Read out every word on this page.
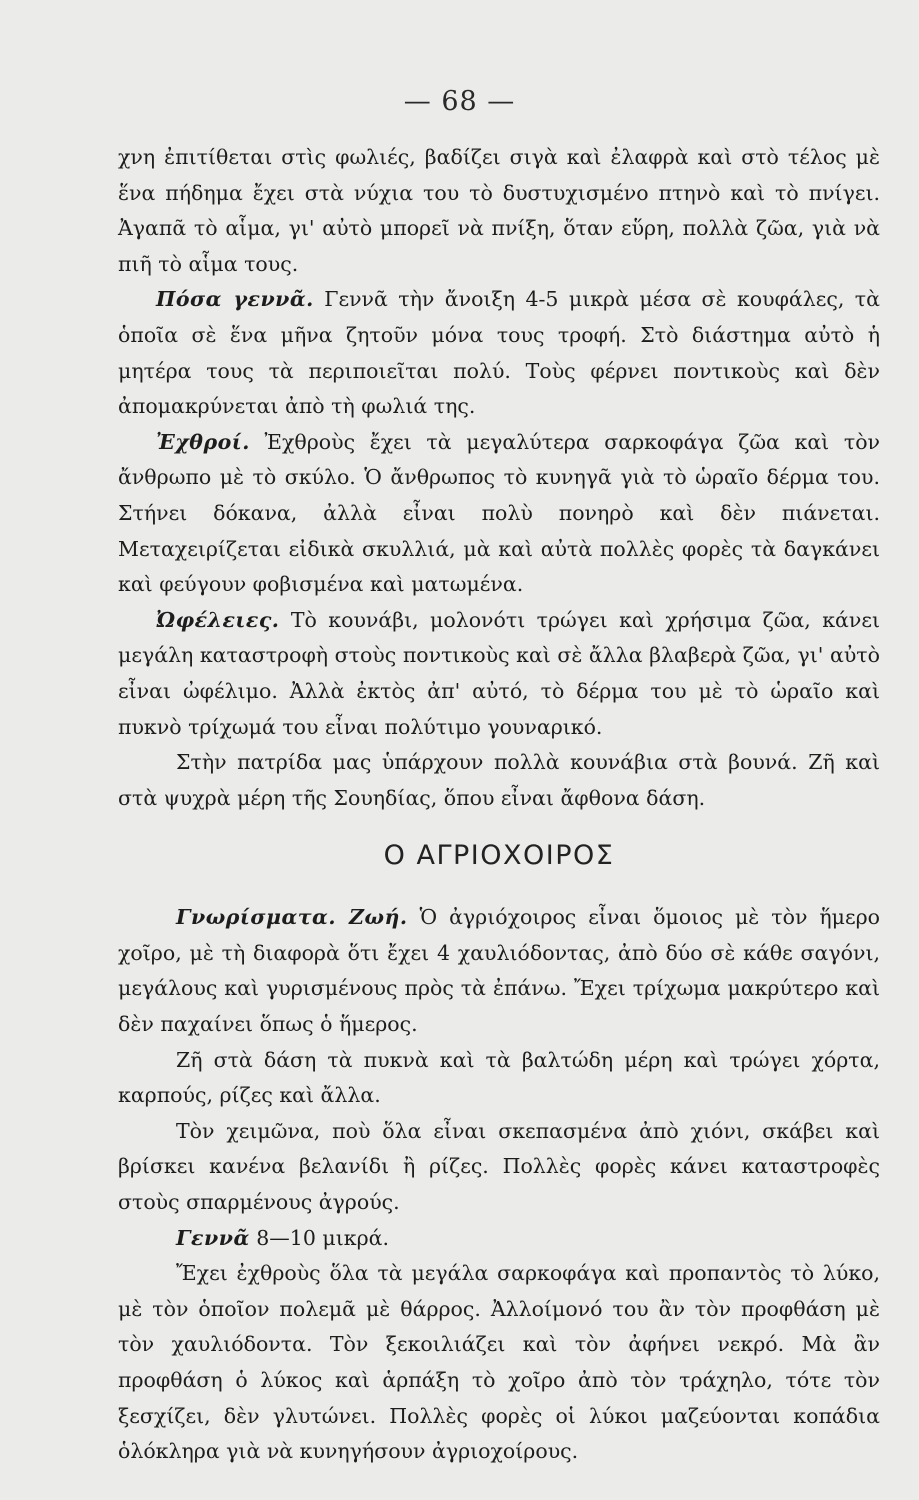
— 68 —

χνη ἐπιτίθεται στὶς φωλιές, βαδίζει σιγὰ καὶ ἐλαφρὰ καὶ στὸ τέλος μὲ ἕνα πήδημα ἔχει στὰ νύχια του τὸ δυστυχισμένο πτηνὸ καὶ τὸ πνίγει. Ἀγαπᾶ τὸ αἷμα, γι' αὐτὸ μπορεῖ νὰ πνίξη, ὅταν εὕρη, πολλὰ ζῶα, γιὰ νὰ πιῆ τὸ αἷμα τους.

Πόσα γεννᾶ. Γεννᾶ τὴν ἄνοιξη 4-5 μικρὰ μέσα σὲ κουφάλες, τὰ ὁποῖα σὲ ἕνα μῆνα ζητοῦν μόνα τους τροφή. Στὸ διάστημα αὐτὸ ἡ μητέρα τους τὰ περιποιεῖται πολύ. Τοὺς φέρνει ποντικοὺς καὶ δὲν ἀπομακρύνεται ἀπὸ τὴ φωλιά της.

Ἐχθροί. Ἐχθροὺς ἔχει τὰ μεγαλύτερα σαρκοφάγα ζῶα καὶ τὸν ἄνθρωπο μὲ τὸ σκύλο. Ὁ ἄνθρωπος τὸ κυνηγᾶ γιὰ τὸ ὡραῖο δέρμα του. Στήνει δόκανα, ἀλλὰ εἶναι πολὺ πονηρὸ καὶ δὲν πιάνεται. Μεταχειρίζεται εἰδικὰ σκυλλιά, μὰ καὶ αὐτὰ πολλὲς φορὲς τὰ δαγκάνει καὶ φεύγουν φοβισμένα καὶ ματωμένα.

Ὠφέλειες. Τὸ κουνάβι, μολονότι τρώγει καὶ χρήσιμα ζῶα, κάνει μεγάλη καταστροφὴ στοὺς ποντικοὺς καὶ σὲ ἄλλα βλαβερὰ ζῶα, γι' αὐτὸ εἶναι ὠφέλιμο. Ἀλλὰ ἐκτὸς ἀπ' αὐτό, τὸ δέρμα του μὲ τὸ ὡραῖο καὶ πυκνὸ τρίχωμά του εἶναι πολύτιμο γουναρικό.

Στὴν πατρίδα μας ὑπάρχουν πολλὰ κουνάβια στὰ βουνά. Ζῆ καὶ στὰ ψυχρὰ μέρη τῆς Σουηδίας, ὅπου εἶναι ἄφθονα δάση.

Ο ΑΓΡΙΟΧΟΙΡΟΣ

Γνωρίσματα. Ζωή. Ὁ ἀγριόχοιρος εἶναι ὅμοιος μὲ τὸν ἥμερο χοῖρο, μὲ τὴ διαφορὰ ὅτι ἔχει 4 χαυλιόδοντας, ἀπὸ δύο σὲ κάθε σαγόνι, μεγάλους καὶ γυρισμένους πρὸς τὰ ἐπάνω. Ἔχει τρίχωμα μακρύτερο καὶ δὲν παχαίνει ὅπως ὁ ἥμερος.

Ζῆ στὰ δάση τὰ πυκνὰ καὶ τὰ βαλτώδη μέρη καὶ τρώγει χόρτα, καρπούς, ρίζες καὶ ἄλλα.

Τὸν χειμῶνα, ποὺ ὅλα εἶναι σκεπασμένα ἀπὸ χιόνι, σκάβει καὶ βρίσκει κανένα βελανίδι ἢ ρίζες. Πολλὲς φορὲς κάνει καταστροφὲς στοὺς σπαρμένους ἀγρούς.

Γεννᾶ 8—10 μικρά.

Ἔχει ἐχθροὺς ὅλα τὰ μεγάλα σαρκοφάγα καὶ προπαντὸς τὸ λύκο, μὲ τὸν ὁποῖον πολεμᾶ μὲ θάρρος. Ἀλλοίμονό του ἂν τὸν προφθάση μὲ τὸν χαυλιόδοντα. Τὸν ξεκοιλιάζει καὶ τὸν ἀφήνει νεκρό. Μὰ ἂν προφθάση ὁ λύκος καὶ ἁρπάξη τὸ χοῖρο ἀπὸ τὸν τράχηλο, τότε τὸν ξεσχίζει, δὲν γλυτώνει. Πολλὲς φορὲς οἱ λύκοι μαζεύονται κοπάδια ὁλόκληρα γιὰ νὰ κυνηγήσουν ἀγριοχοίρους.
